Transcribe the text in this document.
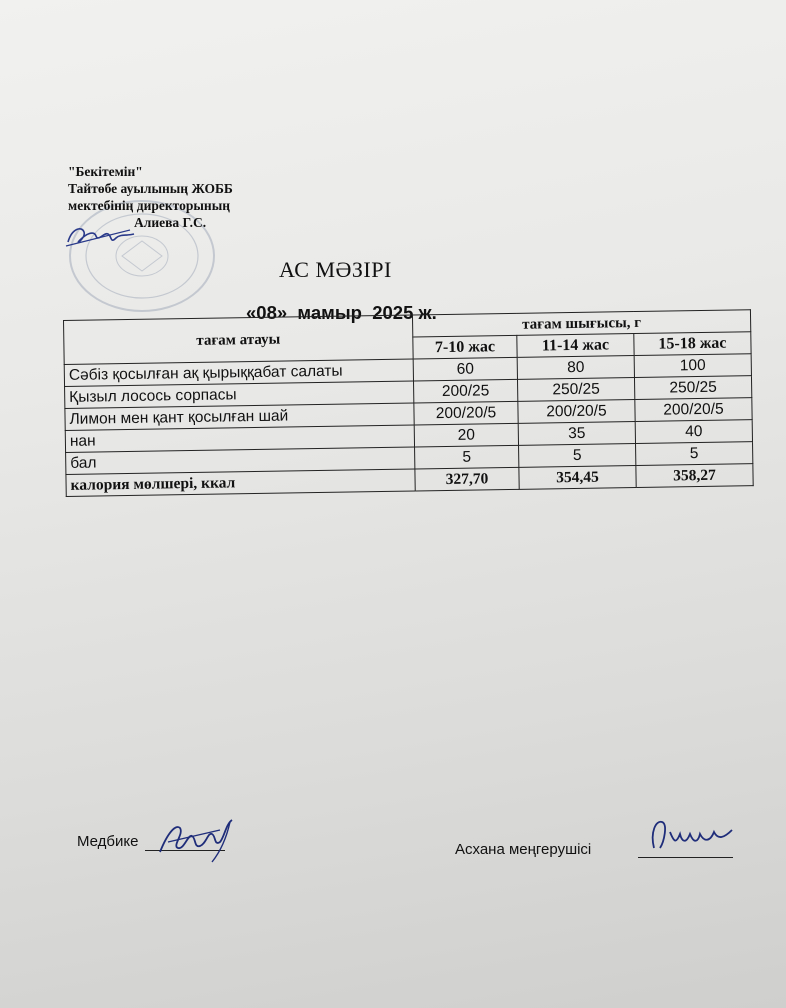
"Бекітемін"
Тайтөбе ауылының ЖОББ
мектебінің директорының
Алиева Г.С.
АС МӘЗІРІ
«08»  мамыр  2025 ж.
тағам атауы	тағам шығысы, г		
	7-10 жас	11-14 жас	15-18 жас
Сәбіз қосылған ақ қырыққабат салаты	60	80	100
Қызыл лосось сорпасы	200/25	250/25	250/25
Лимон мен қант қосылған шай	200/20/5	200/20/5	200/20/5
нан	20	35	40
бал	5	5	5
калория мөлшері, ккал	327,70	354,45	358,27
Медбике	Асхана меңгерушісі
